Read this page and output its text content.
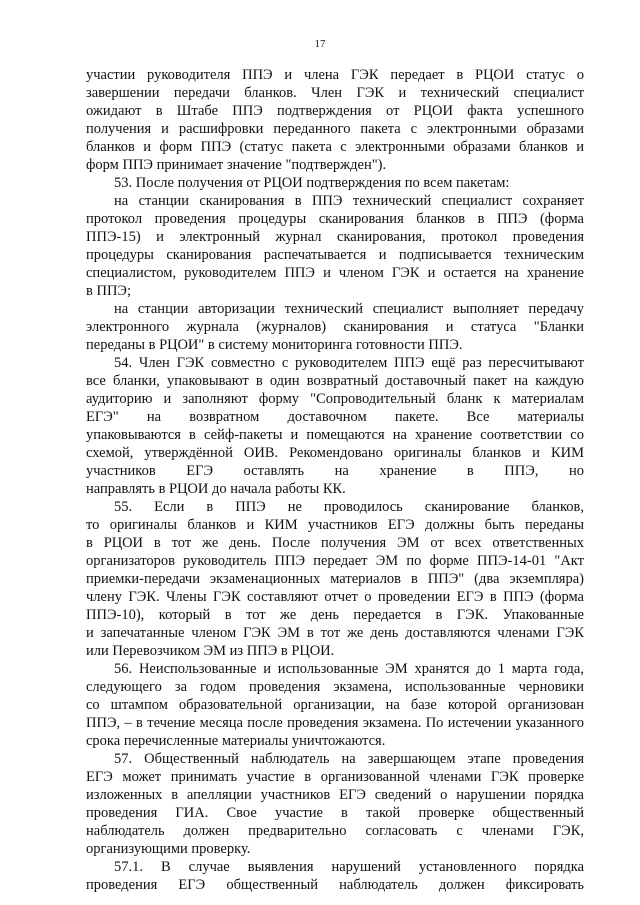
17
участии руководителя ППЭ и члена ГЭК передает в РЦОИ статус о
завершении передачи бланков. Член ГЭК и технический специалист
ожидают в Штабе ППЭ подтверждения от РЦОИ факта успешного
получения и расшифровки переданного пакета с электронными образами
бланков и форм ППЭ (статус пакета с электронными образами бланков и
форм ППЭ принимает значение "подтвержден").
53. После получения от РЦОИ подтверждения по всем пакетам:
на станции сканирования в ППЭ технический специалист сохраняет
протокол проведения процедуры сканирования бланков в ППЭ (форма
ППЭ-15) и электронный журнал сканирования, протокол проведения
процедуры сканирования распечатывается и подписывается техническим
специалистом, руководителем ППЭ и членом ГЭК и остается на хранение
в ППЭ;
на станции авторизации технический специалист выполняет передачу
электронного журнала (журналов) сканирования и статуса "Бланки
переданы в РЦОИ" в систему мониторинга готовности ППЭ.
54. Член ГЭК совместно с руководителем ППЭ ещё раз пересчитывают
все бланки, упаковывают в один возвратный доставочный пакет на каждую
аудиторию и заполняют форму "Сопроводительный бланк к материалам
ЕГЭ" на возвратном доставочном пакете. Все материалы
упаковываются в сейф-пакеты и помещаются на хранение соответствии со
схемой, утверждённой ОИВ. Рекомендовано оригиналы бланков и КИМ
участников ЕГЭ оставлять на хранение в ППЭ, но
направлять в РЦОИ до начала работы КК.
55. Если в ППЭ не проводилось сканирование бланков,
то оригиналы бланков и КИМ участников ЕГЭ должны быть переданы
в РЦОИ в тот же день. После получения ЭМ от всех ответственных
организаторов руководитель ППЭ передает ЭМ по форме ППЭ-14-01 "Акт
приемки-передачи экзаменационных материалов в ППЭ" (два экземпляра)
члену ГЭК. Члены ГЭК составляют отчет о проведении ЕГЭ в ППЭ (форма
ППЭ-10), который в тот же день передается в ГЭК. Упакованные
и запечатанные членом ГЭК ЭМ в тот же день доставляются членами ГЭК
или Перевозчиком ЭМ из ППЭ в РЦОИ.
56. Неиспользованные и использованные ЭМ хранятся до 1 марта года,
следующего за годом проведения экзамена, использованные черновики
со штампом образовательной организации, на базе которой организован
ППЭ, – в течение месяца после проведения экзамена. По истечении указанного
срока перечисленные материалы уничтожаются.
57. Общественный наблюдатель на завершающем этапе проведения
ЕГЭ может принимать участие в организованной членами ГЭК проверке
изложенных в апелляции участников ЕГЭ сведений о нарушении порядка
проведения ГИА. Свое участие в такой проверке общественный
наблюдатель должен предварительно согласовать с членами ГЭК,
организующими проверку.
57.1. В случае выявления нарушений установленного порядка
проведения ЕГЭ общественный наблюдатель должен фиксировать
